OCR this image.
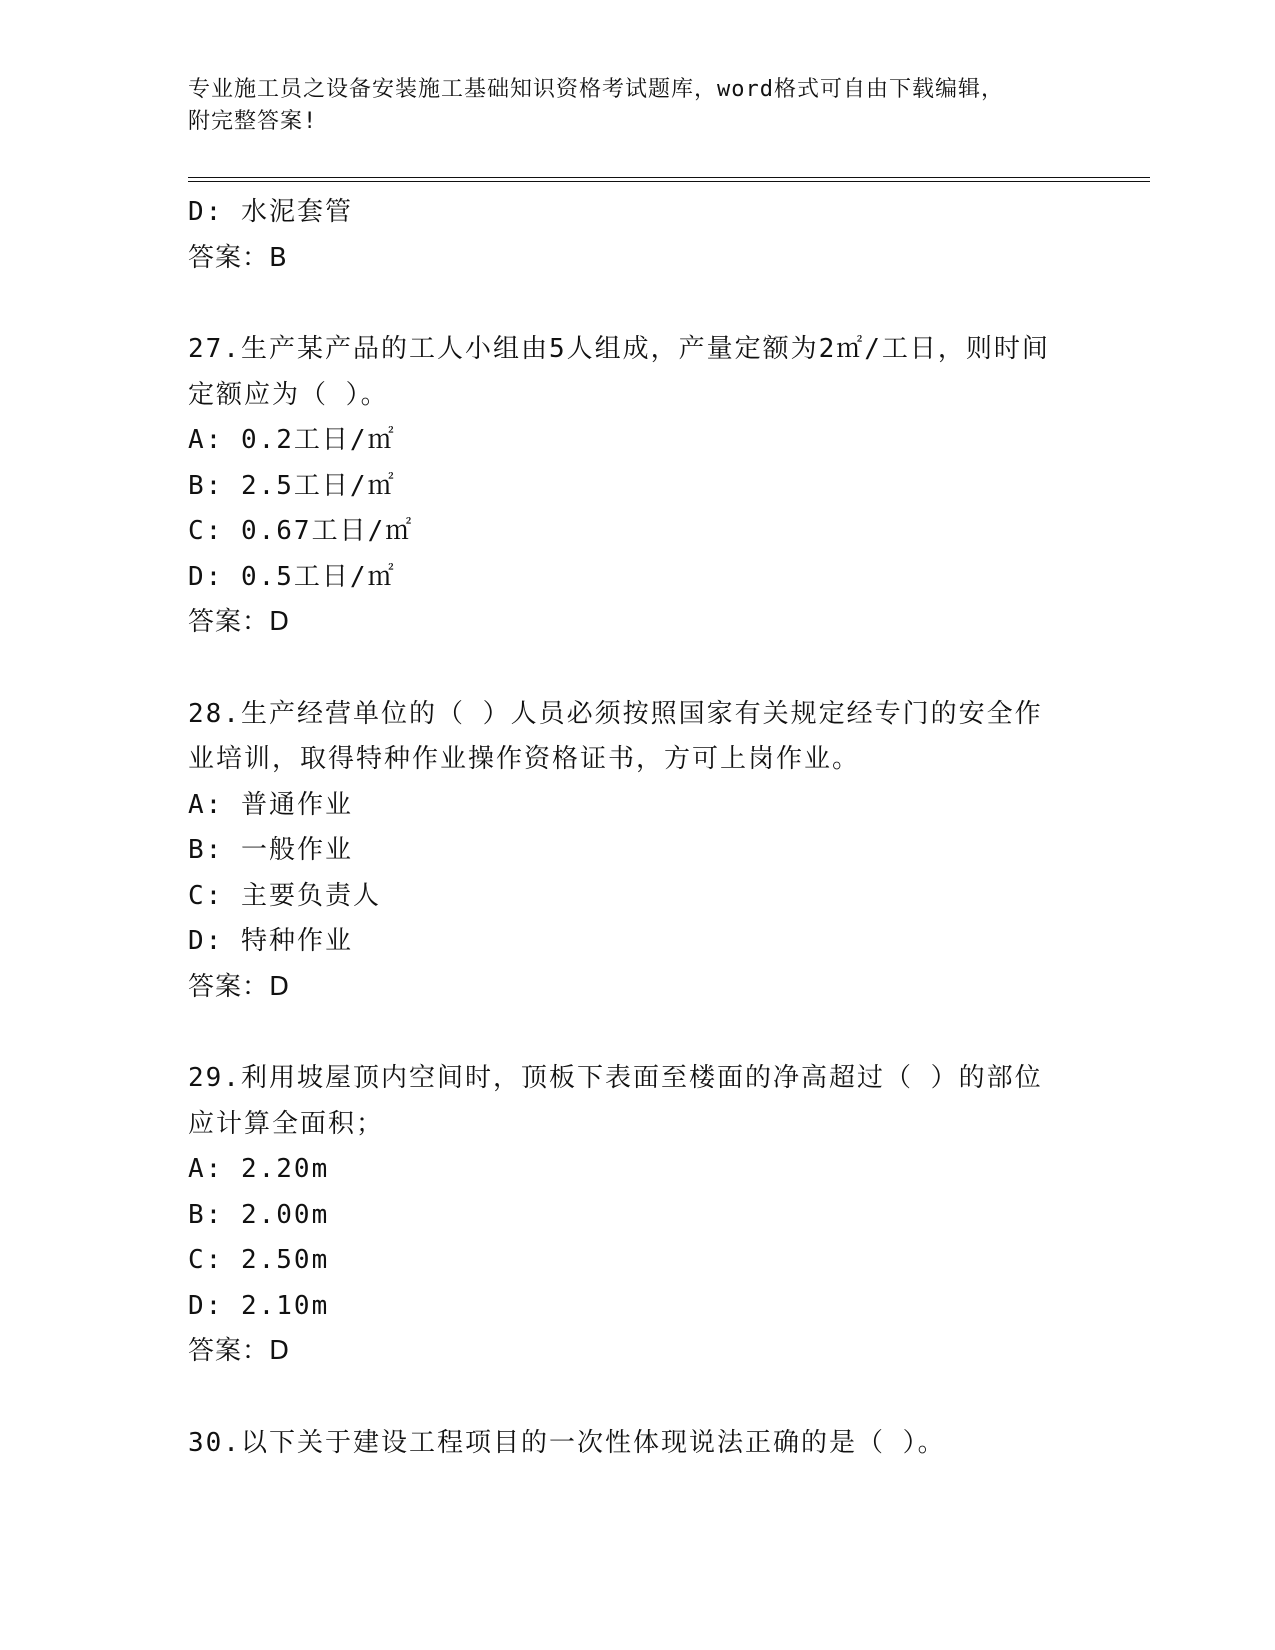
专业施工员之设备安装施工基础知识资格考试题库，word格式可自由下载编辑，
附完整答案!
D: 水泥套管
答案：B
27.生产某产品的工人小组由5人组成，产量定额为2㎡/工日，则时间
定额应为（ ）。
A: 0.2工日/㎡
B: 2.5工日/㎡
C: 0.67工日/㎡
D: 0.5工日/㎡
答案：D
28.生产经营单位的（ ）人员必须按照国家有关规定经专门的安全作
业培训，取得特种作业操作资格证书，方可上岗作业。
A: 普通作业
B: 一般作业
C: 主要负责人
D: 特种作业
答案：D
29.利用坡屋顶内空间时，顶板下表面至楼面的净高超过（ ）的部位
应计算全面积；
A: 2.20m
B: 2.00m
C: 2.50m
D: 2.10m
答案：D
30.以下关于建设工程项目的一次性体现说法正确的是（ ）。
